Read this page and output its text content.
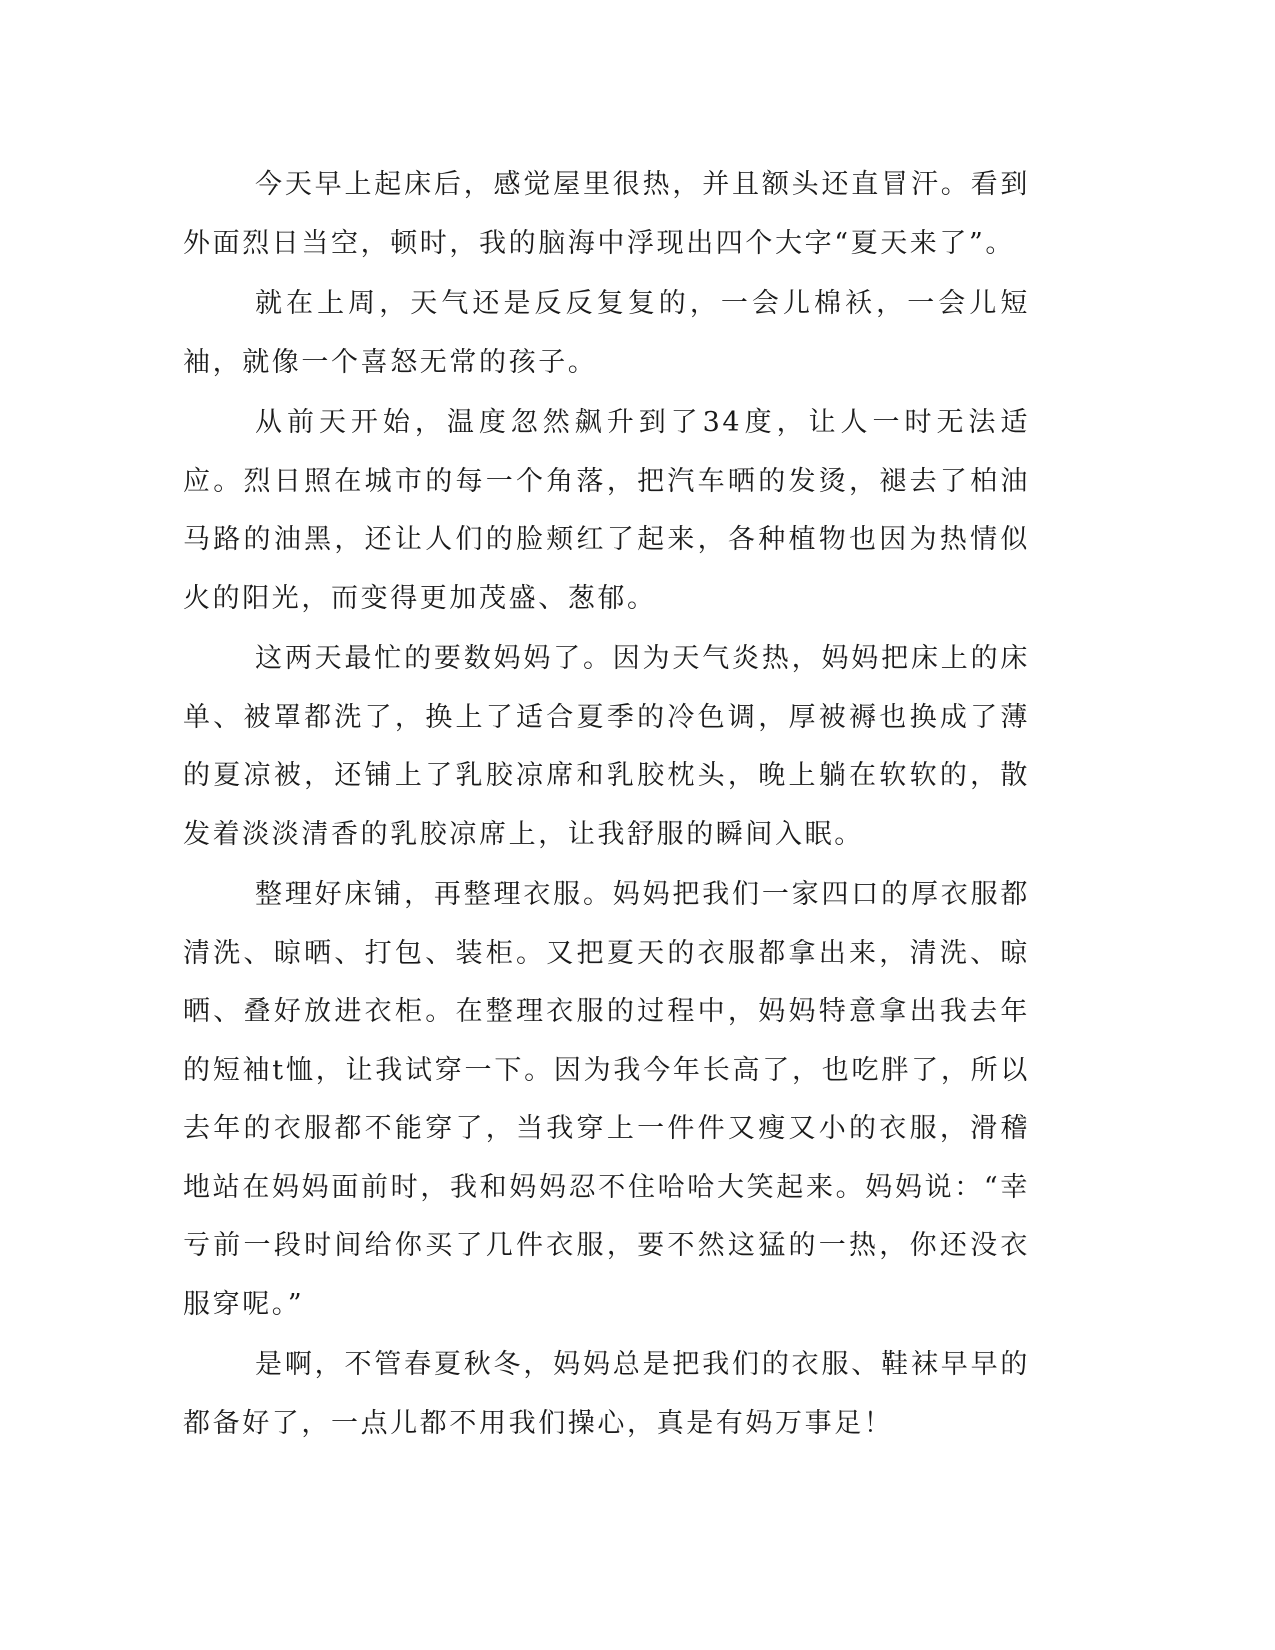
今天早上起床后，感觉屋里很热，并且额头还直冒汗。看到外面烈日当空，顿时，我的脑海中浮现出四个大字“夏天来了”。

就在上周，天气还是反反复复的，一会儿棉袄，一会儿短袖，就像一个喜怒无常的孩子。

从前天开始，温度忽然飙升到了34度，让人一时无法适应。烈日照在城市的每一个角落，把汽车晒的发烫，褪去了柏油马路的油黑，还让人们的脸颊红了起来，各种植物也因为热情似火的阳光，而变得更加茂盛、葱郁。

这两天最忙的要数妈妈了。因为天气炎热，妈妈把床上的床单、被罩都洗了，换上了适合夏季的冷色调，厚被褥也换成了薄的夏凉被，还铺上了乳胶凉席和乳胶枕头，晚上躺在软软的，散发着淡淡清香的乳胶凉席上，让我舒服的瞬间入眠。

整理好床铺，再整理衣服。妈妈把我们一家四口的厚衣服都清洗、晾晒、打包、装柜。又把夏天的衣服都拿出来，清洗、晾晒、叠好放进衣柜。在整理衣服的过程中，妈妈特意拿出我去年的短袖t恤，让我试穿一下。因为我今年长高了，也吃胖了，所以去年的衣服都不能穿了，当我穿上一件件又瘦又小的衣服，滑稽地站在妈妈面前时，我和妈妈忍不住哈哈大笑起来。妈妈说：“幸亏前一段时间给你买了几件衣服，要不然这猛的一热，你还没衣服穿呢。”

是啊，不管春夏秋冬，妈妈总是把我们的衣服、鞋袜早早的都备好了，一点儿都不用我们操心，真是有妈万事足！
